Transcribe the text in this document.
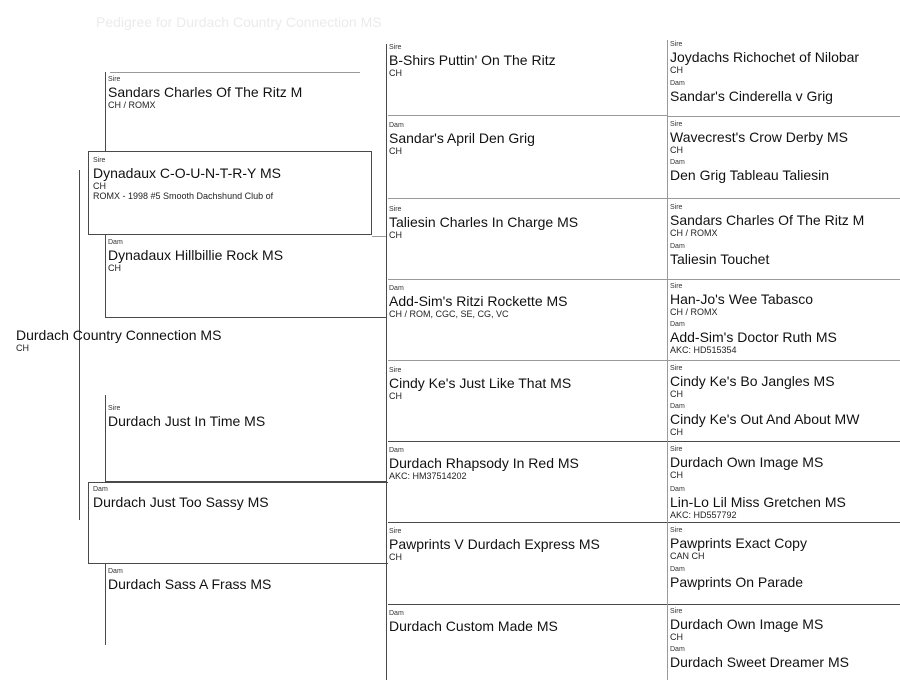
Pedigree for Durdach Country Connection MS
Durdach Country Connection MS
CH
Sire
Dynadaux C-O-U-N-T-R-Y MS
CH
ROMX - 1998 #5 Smooth Dachshund Club of
Dam
Durdach Just Too Sassy MS
Sire
Sandars Charles Of The Ritz M
CH / ROMX
Dam
Dynadaux Hillbillie Rock MS
CH
Sire
Durdach Just In Time MS
Dam
Durdach Sass A Frass MS
Sire
B-Shirs Puttin' On The Ritz
CH
Dam
Sandar's April Den Grig
CH
Sire
Taliesin Charles In Charge MS
CH
Dam
Add-Sim's Ritzi Rockette MS
CH / ROM, CGC, SE, CG, VC
Sire
Cindy Ke's Just Like That MS
CH
Dam
Durdach Rhapsody In Red MS
AKC: HM37514202
Sire
Pawprints V Durdach Express MS
CH
Dam
Durdach Custom Made MS
Sire
Joydachs Richochet of Nilobar
CH
Dam
Sandar's Cinderella v Grig
Sire
Wavecrest's Crow Derby MS
CH
Dam
Den Grig Tableau Taliesin
Sire
Sandars Charles Of The Ritz M
CH / ROMX
Dam
Taliesin Touchet
Sire
Han-Jo's Wee Tabasco
CH / ROMX
Dam
Add-Sim's Doctor Ruth MS
AKC: HD515354
Sire
Cindy Ke's Bo Jangles MS
CH
Dam
Cindy Ke's Out And About MW
CH
Sire
Durdach Own Image MS
CH
Dam
Lin-Lo Lil Miss Gretchen MS
AKC: HD557792
Sire
Pawprints Exact Copy
CAN CH
Dam
Pawprints On Parade
Sire
Durdach Own Image MS
CH
Dam
Durdach Sweet Dreamer MS
